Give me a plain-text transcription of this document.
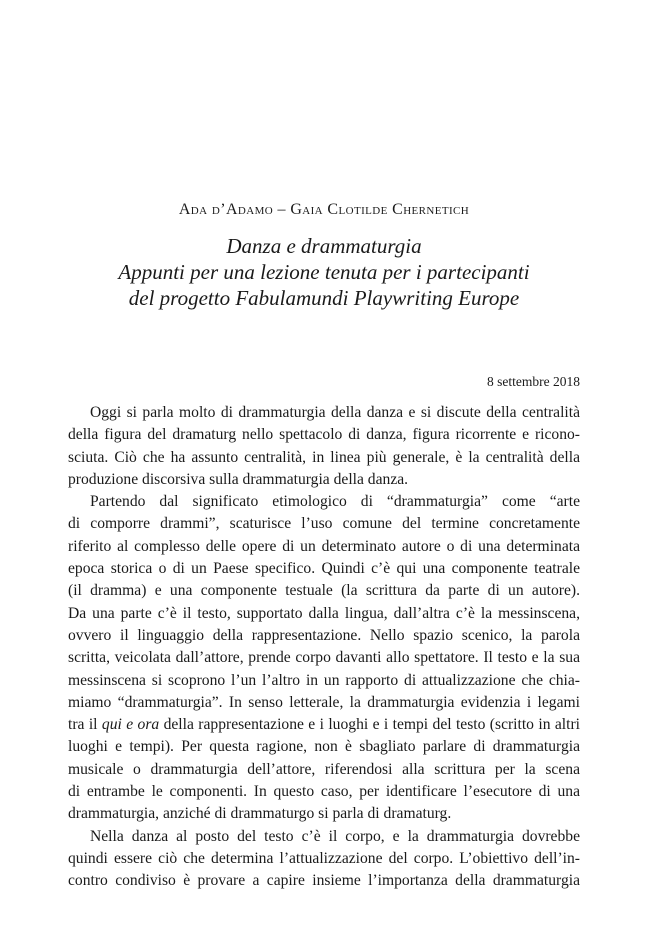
Ada d’Adamo – Gaia Clotilde Chernetich
Danza e drammaturgia
Appunti per una lezione tenuta per i partecipanti
del progetto Fabulamundi Playwriting Europe
8 settembre 2018
Oggi si parla molto di drammaturgia della danza e si discute della centralità
della figura del dramaturg nello spettacolo di danza, figura ricorrente e ricono-
sciuta. Ciò che ha assunto centralità, in linea più generale, è la centralità della
produzione discorsiva sulla drammaturgia della danza.
Partendo dal significato etimologico di “drammaturgia” come “arte
di comporre drammi”, scaturisce l’uso comune del termine concretamente
riferito al complesso delle opere di un determinato autore o di una determinata
epoca storica o di un Paese specifico. Quindi c’è qui una componente teatrale
(il dramma) e una componente testuale (la scrittura da parte di un autore).
Da una parte c’è il testo, supportato dalla lingua, dall’altra c’è la messinscena,
ovvero il linguaggio della rappresentazione. Nello spazio scenico, la parola
scritta, veicolata dall’attore, prende corpo davanti allo spettatore. Il testo e la sua
messinscena si scoprono l’un l’altro in un rapporto di attualizzazione che chia-
miamo “drammaturgia”. In senso letterale, la drammaturgia evidenzia i legami
tra il qui e ora della rappresentazione e i luoghi e i tempi del testo (scritto in altri
luoghi e tempi). Per questa ragione, non è sbagliato parlare di drammaturgia
musicale o drammaturgia dell’attore, riferendosi alla scrittura per la scena
di entrambe le componenti. In questo caso, per identificare l’esecutore di una
drammaturgia, anziché di drammaturgo si parla di dramaturg.
Nella danza al posto del testo c’è il corpo, e la drammaturgia dovrebbe
quindi essere ciò che determina l’attualizzazione del corpo. L’obiettivo dell’in-
contro condiviso è provare a capire insieme l’importanza della drammaturgia
